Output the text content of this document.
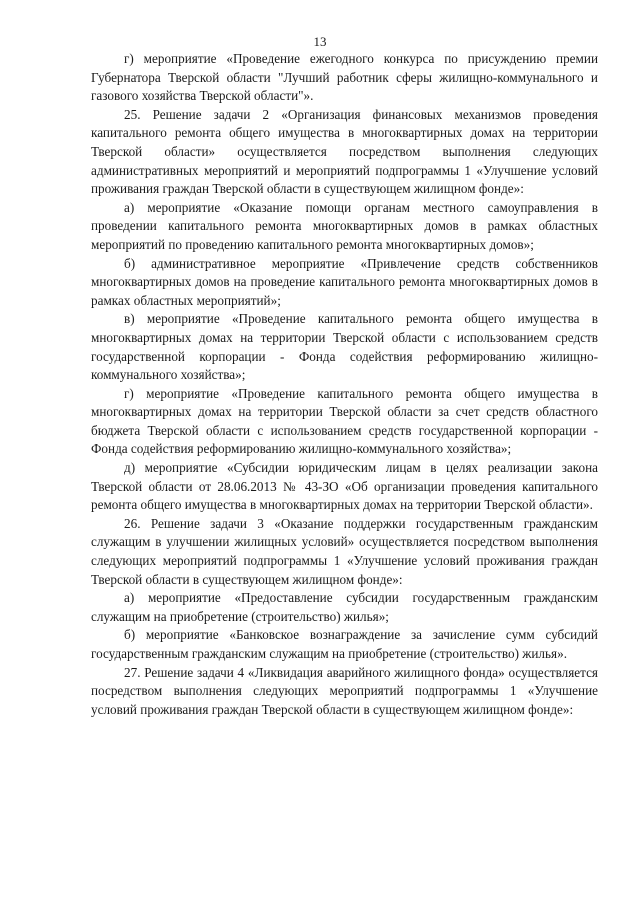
13

г) мероприятие «Проведение ежегодного конкурса по присуждению премии Губернатора Тверской области "Лучший работник сферы жилищно-коммунального и газового хозяйства Тверской области"».

25. Решение задачи 2 «Организация финансовых механизмов проведения капитального ремонта общего имущества в многоквартирных домах на территории Тверской области» осуществляется посредством выполнения следующих административных мероприятий и мероприятий подпрограммы 1 «Улучшение условий проживания граждан Тверской области в существующем жилищном фонде»:

а) мероприятие «Оказание помощи органам местного самоуправления в проведении капитального ремонта многоквартирных домов в рамках областных мероприятий по проведению капитального ремонта многоквартирных домов»;

б) административное мероприятие «Привлечение средств собственников многоквартирных домов на проведение капитального ремонта многоквартирных домов в рамках областных мероприятий»;

в) мероприятие «Проведение капитального ремонта общего имущества в многоквартирных домах на территории Тверской области с использованием средств государственной корпорации - Фонда содействия реформированию жилищно-коммунального хозяйства»;

г) мероприятие «Проведение капитального ремонта общего имущества в многоквартирных домах на территории Тверской области за счет средств областного бюджета Тверской области с использованием средств государственной корпорации - Фонда содействия реформированию жилищно-коммунального хозяйства»;

д) мероприятие «Субсидии юридическим лицам в целях реализации закона Тверской области от 28.06.2013 № 43-ЗО «Об организации проведения капитального ремонта общего имущества в многоквартирных домах на территории Тверской области».

26. Решение задачи 3 «Оказание поддержки государственным гражданским служащим в улучшении жилищных условий» осуществляется посредством выполнения следующих мероприятий подпрограммы 1 «Улучшение условий проживания граждан Тверской области в существующем жилищном фонде»:

а) мероприятие «Предоставление субсидии государственным гражданским служащим на приобретение (строительство) жилья»;

б) мероприятие «Банковское вознаграждение за зачисление сумм субсидий государственным гражданским служащим на приобретение (строительство) жилья».

27. Решение задачи 4 «Ликвидация аварийного жилищного фонда» осуществляется посредством выполнения следующих мероприятий подпрограммы 1 «Улучшение условий проживания граждан Тверской области в существующем жилищном фонде»:
